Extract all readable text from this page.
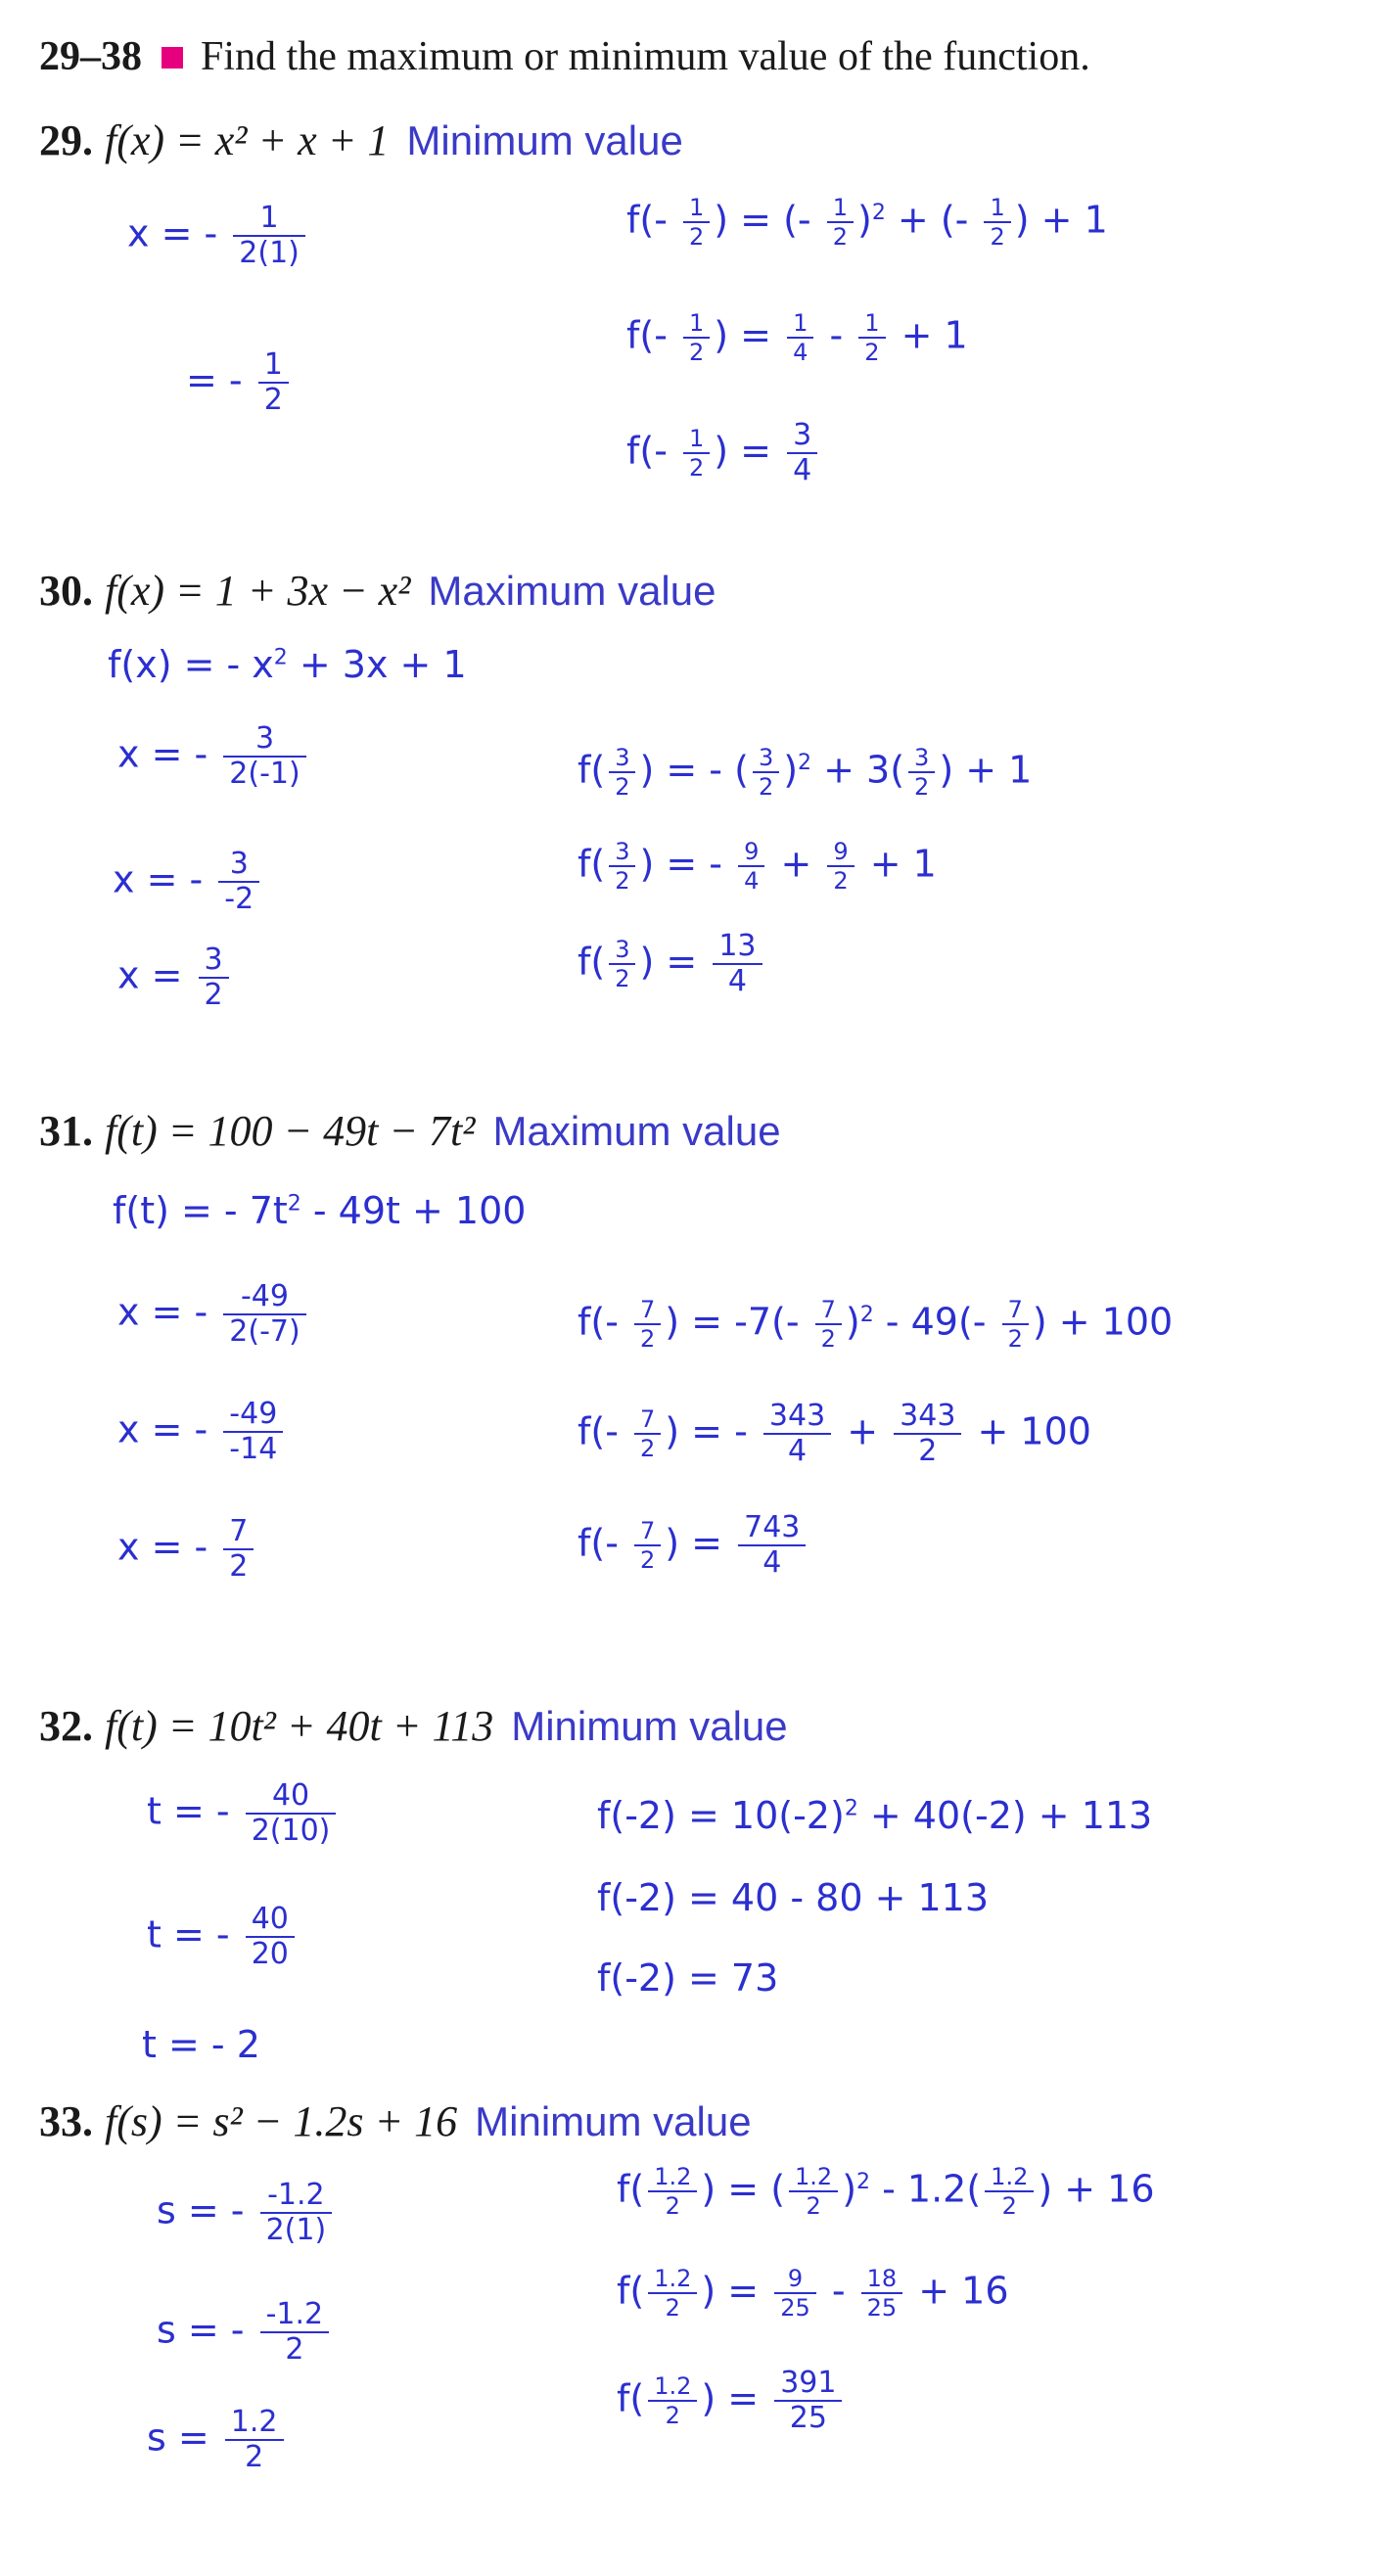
29–38 Find the maximum or minimum value of the function.
29. f(x) = x² + x + 1 Minimum value
x = - $\frac{1}{2(1)}$
= - $\frac{1}{2}$
$f(- \frac{1}{2}$ ) = (- $\frac{1}{2} )^2$ + (- $\frac{1}{2}$ ) + 1
$f(- \frac{1}{2}$ ) = $\frac{1}{4} - \frac{1}{2} + 1$
$f(- \frac{1}{2}$ ) = $\frac{3}{4}$
30. f(x) = 1 + 3x − x² Maximum value
f(x) = - $x^2 + 3x + 1$
x = - $\frac{3}{2(-1)}$
x = - $\frac{3}{-2}$
$x = \frac{3}{2}$
$f( \frac{3}{2}$ ) = - ( $\frac{3}{2} )^2 + 3( \frac{3}{2}$ ) + 1
$f( \frac{3}{2}$ ) = - $\frac{9}{4} + \frac{9}{2} + 1$
$f( \frac{3}{2}$ ) = $\frac{13}{4}$
31. f(t) = 100 − 49t − 7t² Maximum value
f(t) = - $7t^2 - 49t + 100$
x = - $\frac{-49}{2(-7)}$
x = - $\frac{-49}{-14}$
x = - $\frac{7}{2}$
$f(- \frac{7}{2}$ ) = $-7(- \frac{7}{2} )^2 - 49(- \frac{7}{2}$ ) + 100
$f(- \frac{7}{2}$ ) = - $\frac{343}{4} + \frac{343}{2} + 100$
$f(- \frac{7}{2}$ ) = $\frac{743}{4}$
32. f(t) = 10t² + 40t + 113 Minimum value
t = - $\frac{40}{2(10)}$
t = - $\frac{40}{20}$
t = - 2
$f(-2) = 10(-2)^2 + 40(-2) + 113$
f(-2) = 40 - 80 + 113
f(-2) = 73
33. f(s) = s² − 1.2s + 16 Minimum value
s = - $\frac{-1.2}{2(1)}$
s = - $\frac{-1.2}{2}$
$s = \frac{1.2}{2}$
$f( \frac{1.2}{2}$ ) = ( $\frac{1.2}{2} )^2 - 1.2( \frac{1.2}{2}$ ) + 16
$f( \frac{1.2}{2}$ ) = $\frac{9}{25} - \frac{18}{25} + 16$
$f( \frac{1.2}{2}$ ) = $\frac{391}{25}$
